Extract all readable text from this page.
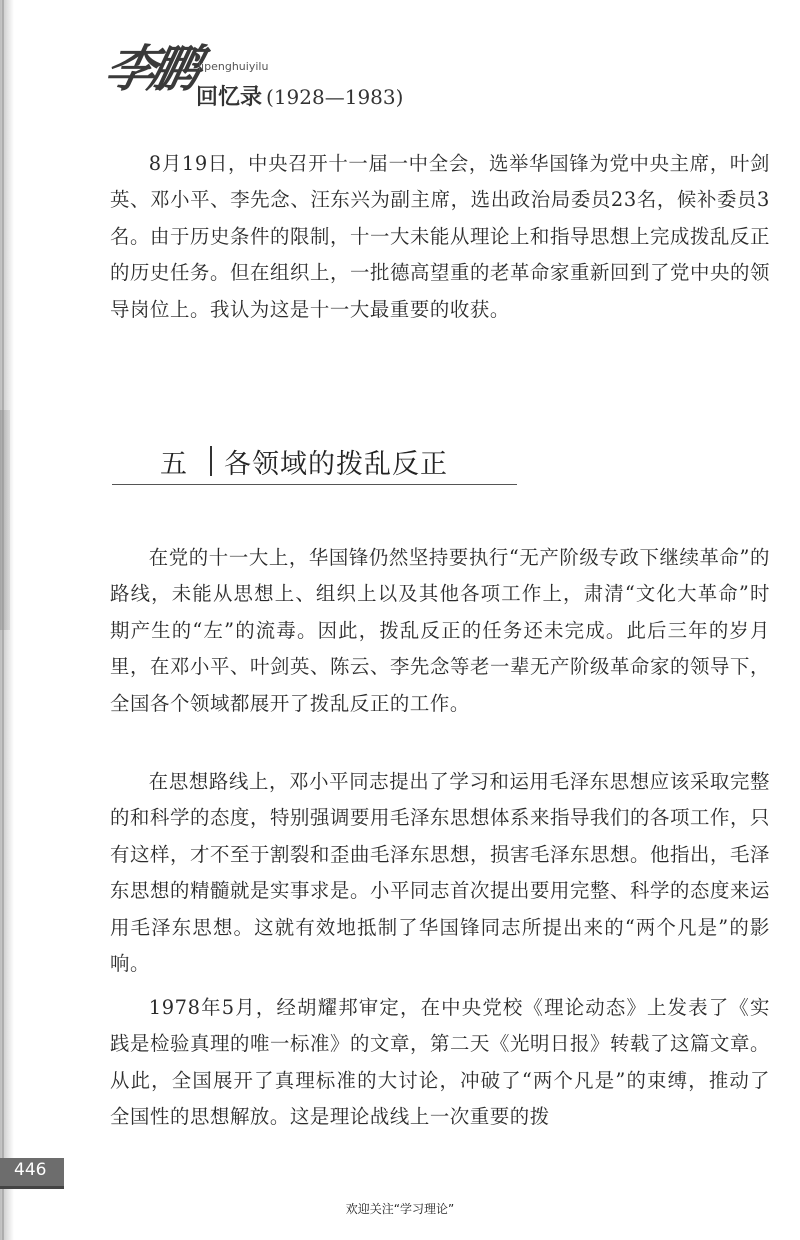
李鹏
lipenghuiyilu
回忆录 (1928—1983)

8月19日，中央召开十一届一中全会，选举华国锋为党中央主席，叶剑英、邓小平、李先念、汪东兴为副主席，选出政治局委员23名，候补委员3名。由于历史条件的限制，十一大未能从理论上和指导思想上完成拨乱反正的历史任务。但在组织上，一批德高望重的老革命家重新回到了党中央的领导岗位上。我认为这是十一大最重要的收获。

五 各领域的拨乱反正

在党的十一大上，华国锋仍然坚持要执行“无产阶级专政下继续革命”的路线，未能从思想上、组织上以及其他各项工作上，肃清“文化大革命”时期产生的“左”的流毒。因此，拨乱反正的任务还未完成。此后三年的岁月里，在邓小平、叶剑英、陈云、李先念等老一辈无产阶级革命家的领导下，全国各个领域都展开了拨乱反正的工作。

在思想路线上，邓小平同志提出了学习和运用毛泽东思想应该采取完整的和科学的态度，特别强调要用毛泽东思想体系来指导我们的各项工作，只有这样，才不至于割裂和歪曲毛泽东思想，损害毛泽东思想。他指出，毛泽东思想的精髓就是实事求是。小平同志首次提出要用完整、科学的态度来运用毛泽东思想。这就有效地抵制了华国锋同志所提出来的“两个凡是”的影响。

1978年5月，经胡耀邦审定，在中央党校《理论动态》上发表了《实践是检验真理的唯一标准》的文章，第二天《光明日报》转载了这篇文章。从此，全国展开了真理标准的大讨论，冲破了“两个凡是”的束缚，推动了全国性的思想解放。这是理论战线上一次重要的拨

446
欢迎关注“学习理论”
